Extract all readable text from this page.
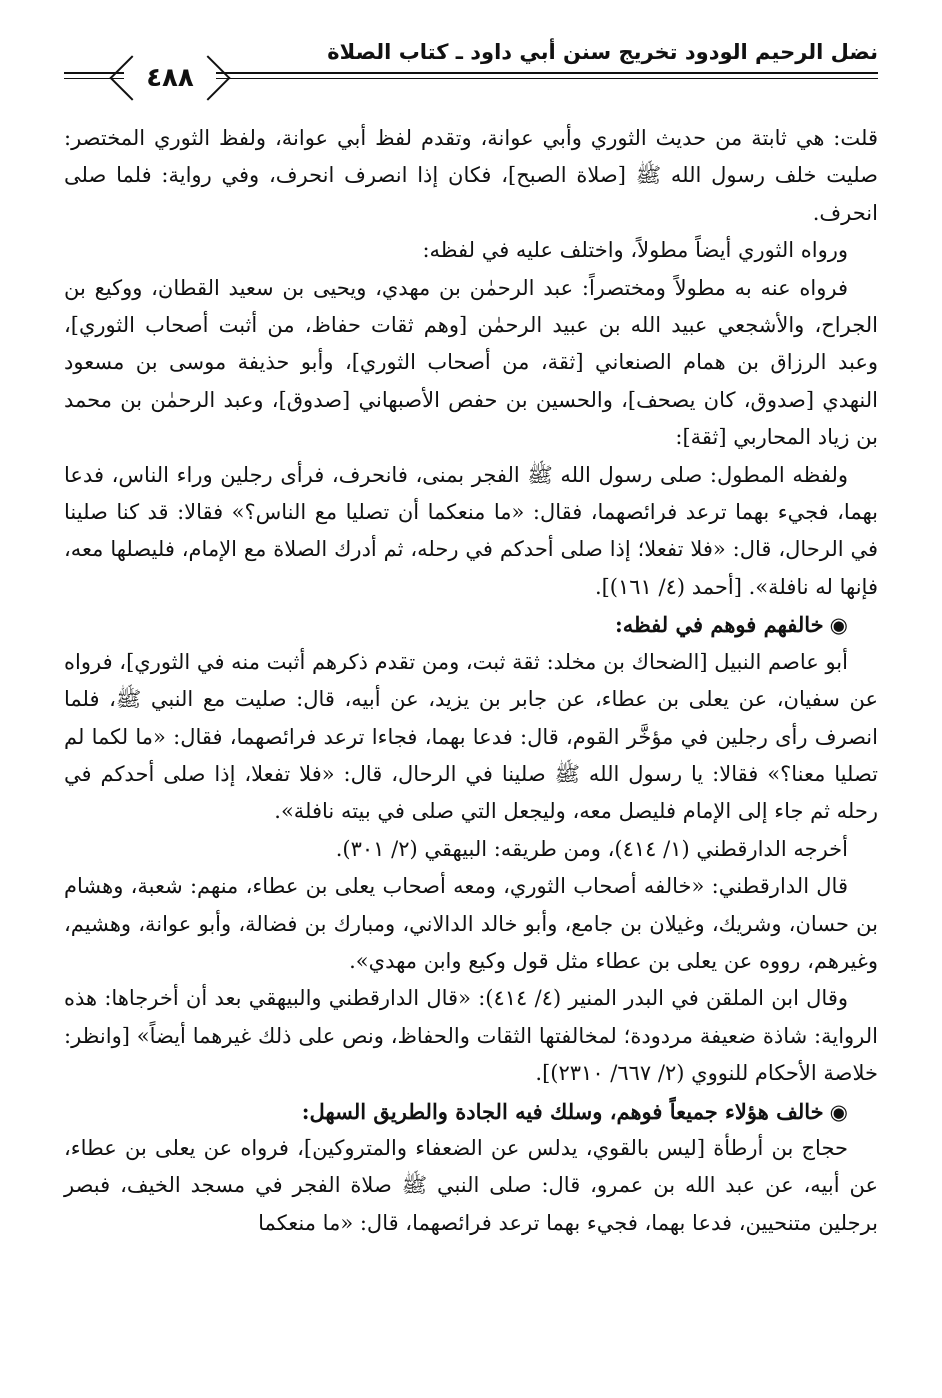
نضل الرحيم الودود تخريج سنن أبي داود ـ كتاب الصلاة
٤٨٨

قلت: هي ثابتة من حديث الثوري وأبي عوانة، وتقدم لفظ أبي عوانة، ولفظ الثوري المختصر: صليت خلف رسول الله ﷺ [صلاة الصبح]، فكان إذا انصرف انحرف، وفي رواية: فلما صلى انحرف.

ورواه الثوري أيضاً مطولاً، واختلف عليه في لفظه:

فرواه عنه به مطولاً ومختصراً: عبد الرحمٰن بن مهدي، ويحيى بن سعيد القطان، ووكيع بن الجراح، والأشجعي عبيد الله بن عبيد الرحمٰن [وهم ثقات حفاظ، من أثبت أصحاب الثوري]، وعبد الرزاق بن همام الصنعاني [ثقة، من أصحاب الثوري]، وأبو حذيفة موسى بن مسعود النهدي [صدوق، كان يصحف]، والحسين بن حفص الأصبهاني [صدوق]، وعبد الرحمٰن بن محمد بن زياد المحاربي [ثقة]:

ولفظه المطول: صلى رسول الله ﷺ الفجر بمنى، فانحرف، فرأى رجلين وراء الناس، فدعا بهما، فجيء بهما ترعد فرائصهما، فقال: «ما منعكما أن تصليا مع الناس؟» فقالا: قد كنا صلينا في الرحال، قال: «فلا تفعلا؛ إذا صلى أحدكم في رحله، ثم أدرك الصلاة مع الإمام، فليصلها معه، فإنها له نافلة». [أحمد (٤/ ١٦١)].

◉خالفهم فوهم في لفظه:

أبو عاصم النبيل [الضحاك بن مخلد: ثقة ثبت، ومن تقدم ذكرهم أثبت منه في الثوري]، فرواه عن سفيان، عن يعلى بن عطاء، عن جابر بن يزيد، عن أبيه، قال: صليت مع النبي ﷺ، فلما انصرف رأى رجلين في مؤخَّر القوم، قال: فدعا بهما، فجاءا ترعد فرائصهما، فقال: «ما لكما لم تصليا معنا؟» فقالا: يا رسول الله ﷺ صلينا في الرحال، قال: «فلا تفعلا، إذا صلى أحدكم في رحله ثم جاء إلى الإمام فليصل معه، وليجعل التي صلى في بيته نافلة».

أخرجه الدارقطني (١/ ٤١٤)، ومن طريقه: البيهقي (٢/ ٣٠١).

قال الدارقطني: «خالفه أصحاب الثوري، ومعه أصحاب يعلى بن عطاء، منهم: شعبة، وهشام بن حسان، وشريك، وغيلان بن جامع، وأبو خالد الدالاني، ومبارك بن فضالة، وأبو عوانة، وهشيم، وغيرهم، رووه عن يعلى بن عطاء مثل قول وكيع وابن مهدي».

وقال ابن الملقن في البدر المنير (٤/ ٤١٤): «قال الدارقطني والبيهقي بعد أن أخرجاها: هذه الرواية: شاذة ضعيفة مردودة؛ لمخالفتها الثقات والحفاظ، ونص على ذلك غيرهما أيضاً» [وانظر: خلاصة الأحكام للنووي (٢/ ٦٦٧/ ٢٣١٠)].

◉خالف هؤلاء جميعاً فوهم، وسلك فيه الجادة والطريق السهل:

حجاج بن أرطأة [ليس بالقوي، يدلس عن الضعفاء والمتروكين]، فرواه عن يعلى بن عطاء، عن أبيه، عن عبد الله بن عمرو، قال: صلى النبي ﷺ صلاة الفجر في مسجد الخيف، فبصر برجلين متنحيين، فدعا بهما، فجيء بهما ترعد فرائصهما، قال: «ما منعكما
